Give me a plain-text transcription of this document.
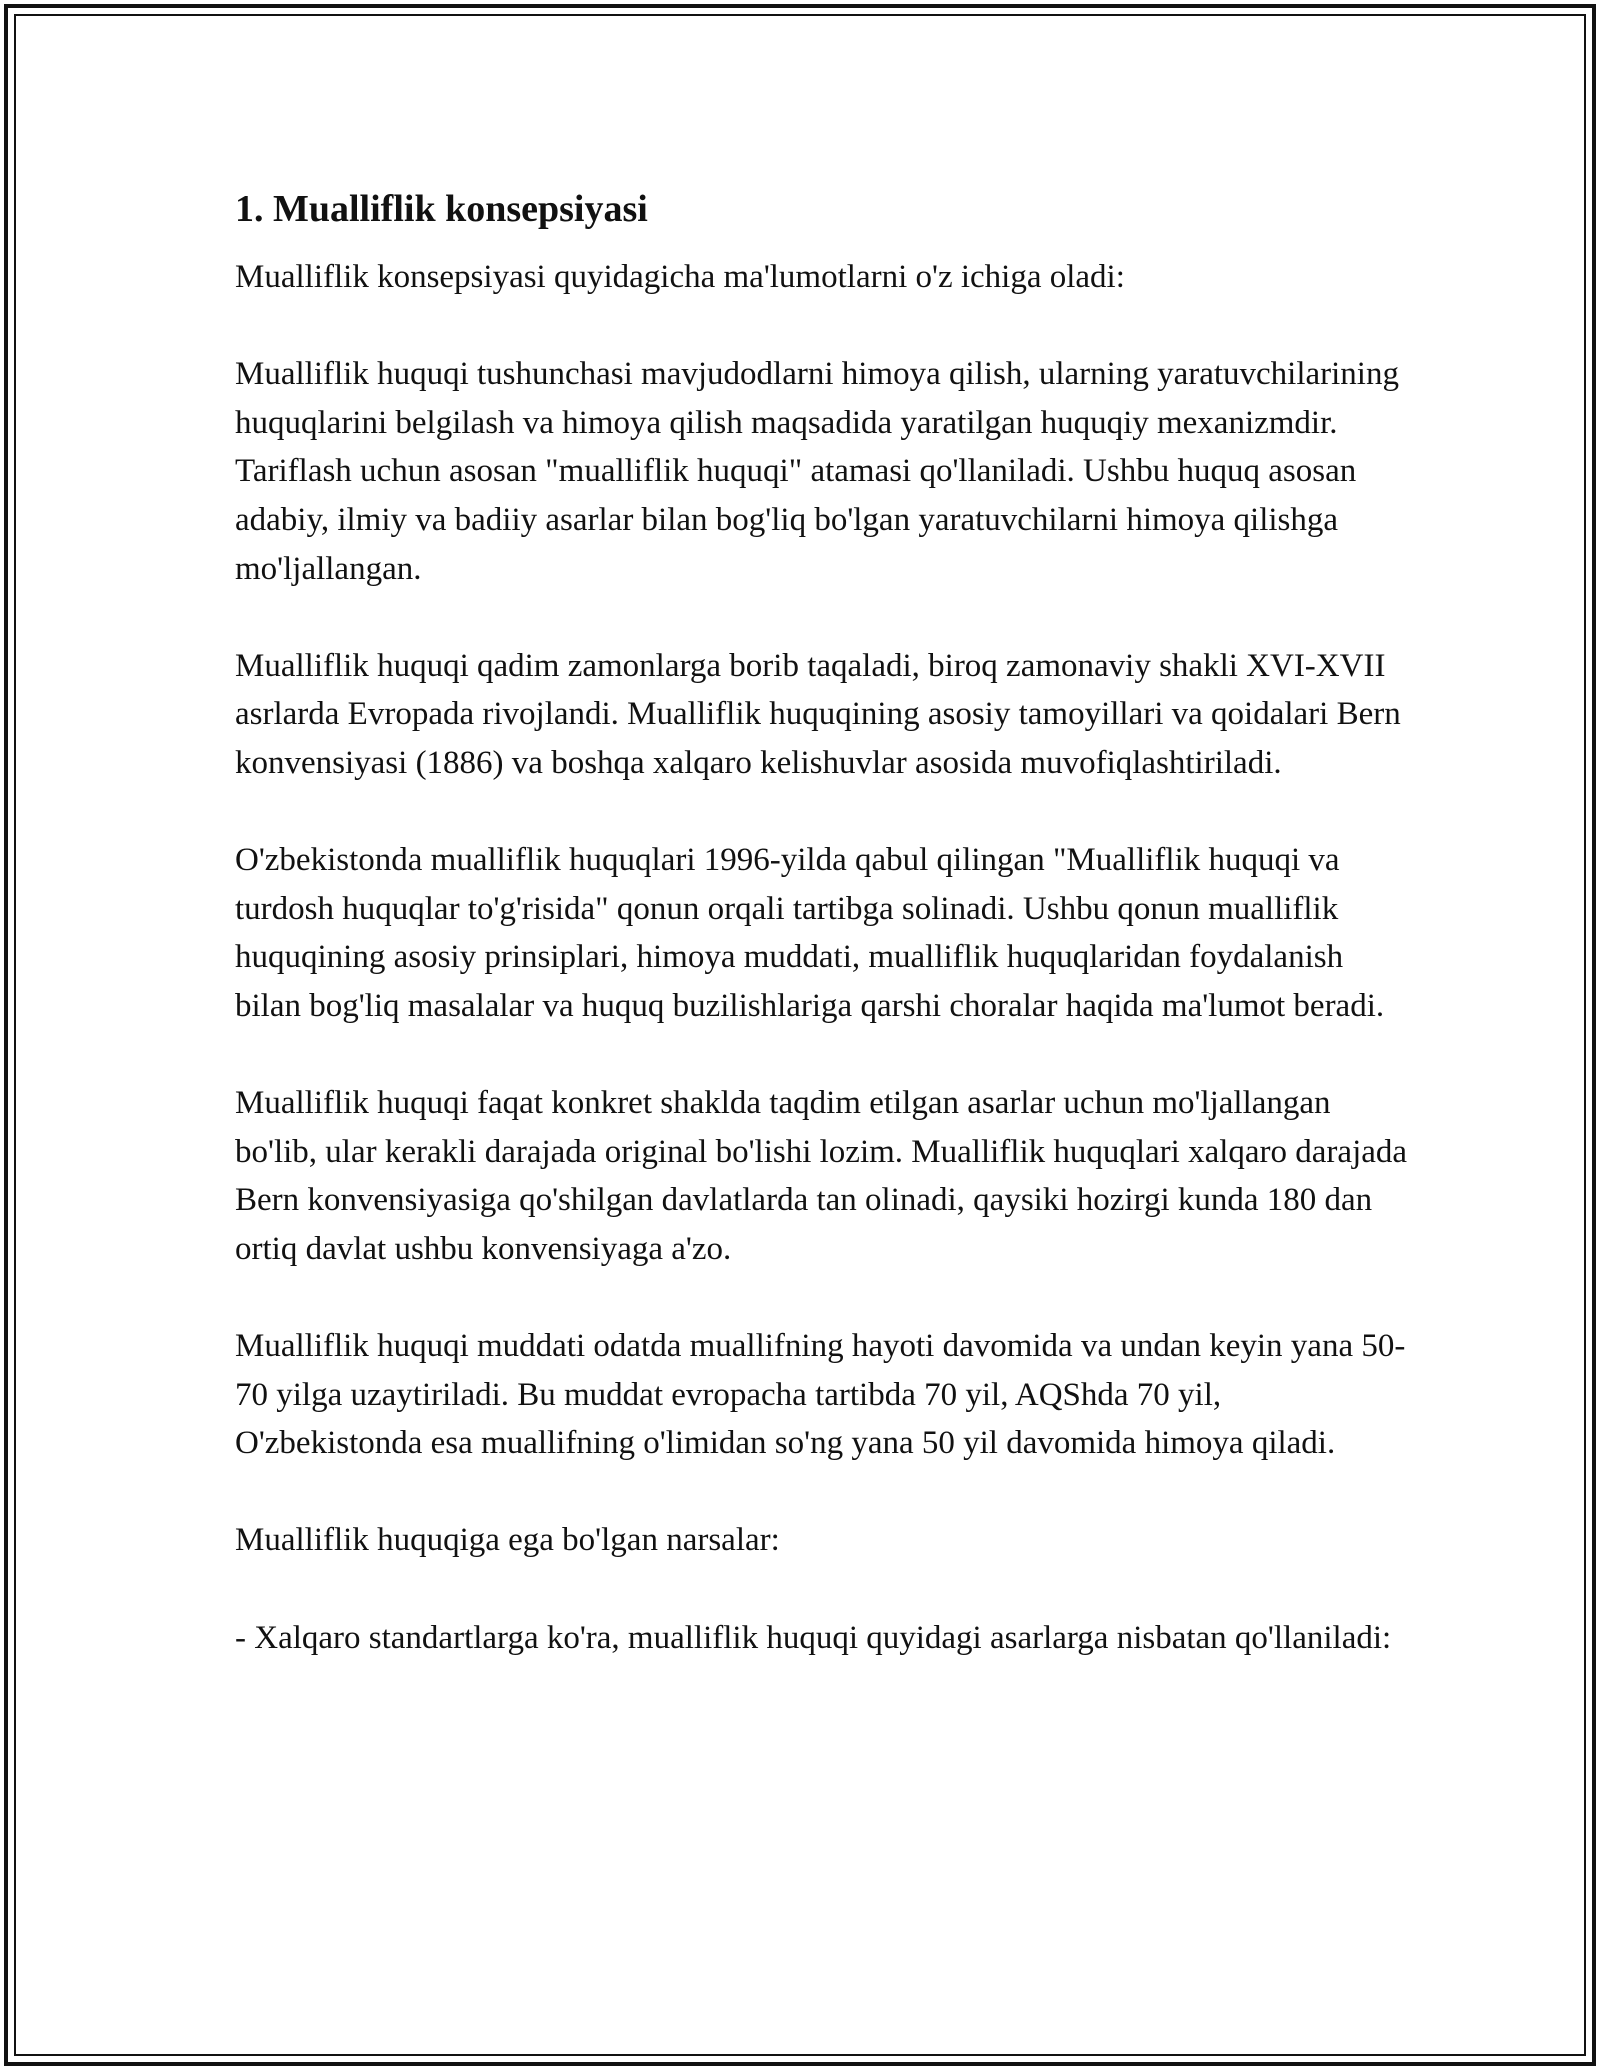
1. Mualliflik konsepsiyasi

Mualliflik konsepsiyasi quyidagicha ma'lumotlarni o'z ichiga oladi:

Mualliflik huquqi tushunchasi mavjudodlarni himoya qilish, ularning yaratuvchilarining huquqlarini belgilash va himoya qilish maqsadida yaratilgan huquqiy mexanizmdir. Tariflash uchun asosan "mualliflik huquqi" atamasi qo'llaniladi. Ushbu huquq asosan adabiy, ilmiy va badiiy asarlar bilan bog'liq bo'lgan yaratuvchilarni himoya qilishga mo'ljallangan.

Mualliflik huquqi qadim zamonlarga borib taqaladi, biroq zamonaviy shakli XVI-XVII asrlarda Evropada rivojlandi. Mualliflik huquqining asosiy tamoyillari va qoidalari Bern konvensiyasi (1886) va boshqa xalqaro kelishuvlar asosida muvofiqlashtiriladi.

O'zbekistonda mualliflik huquqlari 1996-yilda qabul qilingan "Mualliflik huquqi va turdosh huquqlar to'g'risida" qonun orqali tartibga solinadi. Ushbu qonun mualliflik huquqining asosiy prinsiplari, himoya muddati, mualliflik huquqlaridan foydalanish bilan bog'liq masalalar va huquq buzilishlariga qarshi choralar haqida ma'lumot beradi.

Mualliflik huquqi faqat konkret shaklda taqdim etilgan asarlar uchun mo'ljallangan bo'lib, ular kerakli darajada original bo'lishi lozim. Mualliflik huquqlari xalqaro darajada Bern konvensiyasiga qo'shilgan davlatlarda tan olinadi, qaysiki hozirgi kunda 180 dan ortiq davlat ushbu konvensiyaga a'zo.

Mualliflik huquqi muddati odatda muallifning hayoti davomida va undan keyin yana 50-70 yilga uzaytiriladi. Bu muddat evropacha tartibda 70 yil, AQShda 70 yil, O'zbekistonda esa muallifning o'limidan so'ng yana 50 yil davomida himoya qiladi.

Mualliflik huquqiga ega bo'lgan narsalar:

- Xalqaro standartlarga ko'ra, mualliflik huquqi quyidagi asarlarga nisbatan qo'llaniladi:
